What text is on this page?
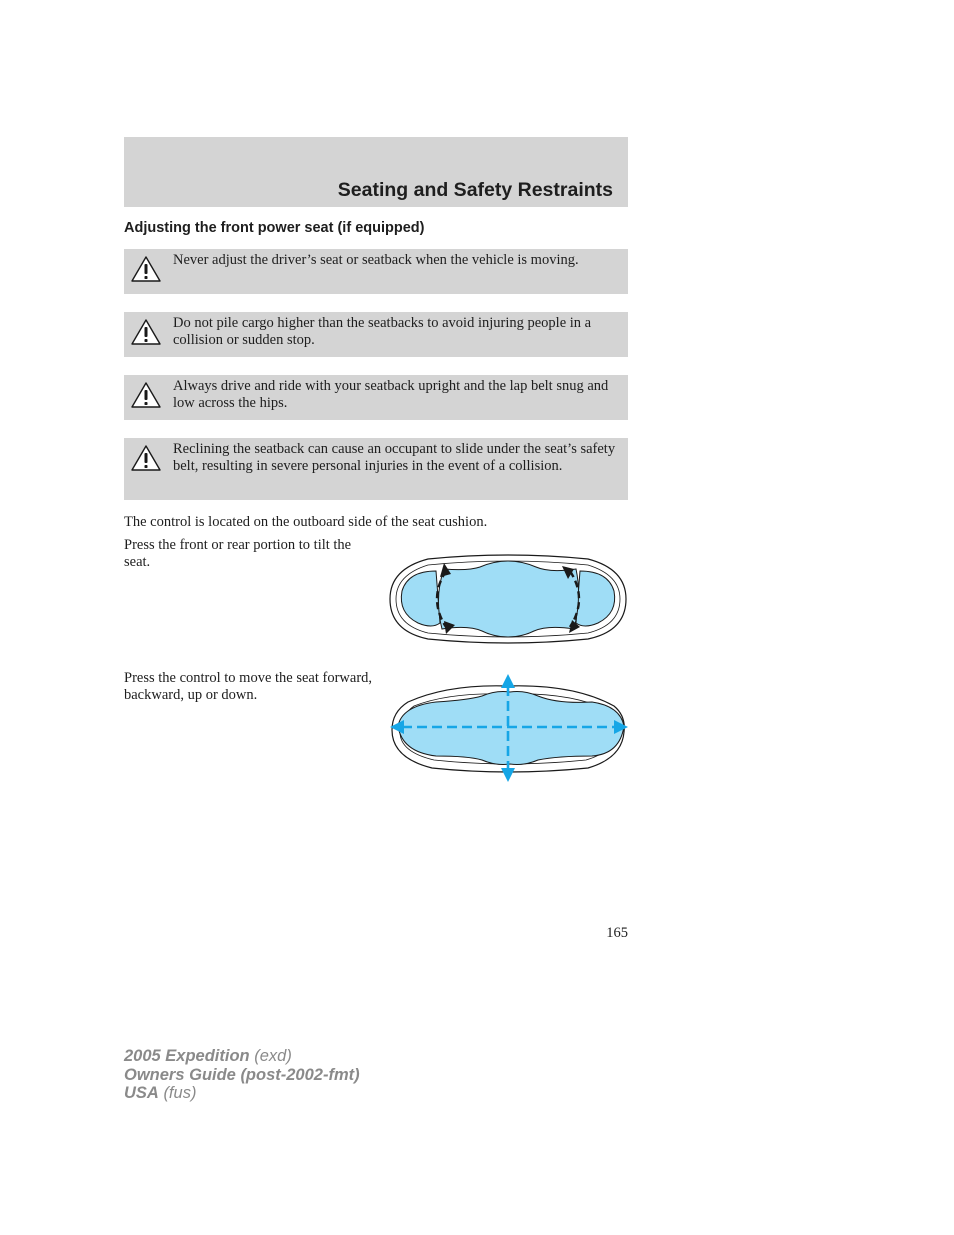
Seating and Safety Restraints
Adjusting the front power seat (if equipped)
Never adjust the driver’s seat or seatback when the vehicle is moving.
Do not pile cargo higher than the seatbacks to avoid injuring people in a collision or sudden stop.
Always drive and ride with your seatback upright and the lap belt snug and low across the hips.
Reclining the seatback can cause an occupant to slide under the seat’s safety belt, resulting in severe personal injuries in the event of a collision.

The control is located on the outboard side of the seat cushion.

Press the front or rear portion to tilt the seat.

Press the control to move the seat forward, backward, up or down.

165
2005 Expedition (exd)
Owners Guide (post-2002-fmt)
USA (fus)
